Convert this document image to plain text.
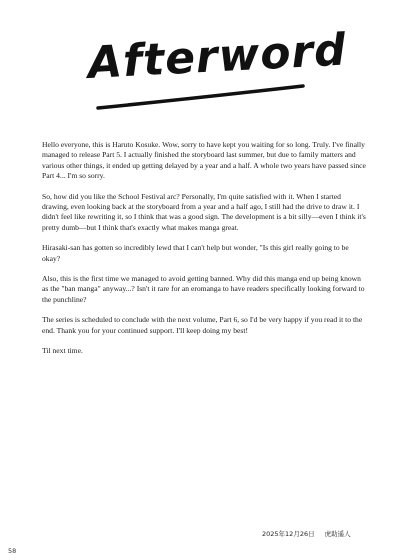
Afterword

Hello everyone, this is Haruto Kosuke. Wow, sorry to have kept you waiting for so long. Truly. I've finally managed to release Part 5. I actually finished the storyboard last summer, but due to family matters and various other things, it ended up getting delayed by a year and a half. A whole two years have passed since Part 4... I'm so sorry.

So, how did you like the School Festival arc? Personally, I'm quite satisfied with it. When I started drawing, even looking back at the storyboard from a year and a half ago, I still had the drive to draw it. I didn't feel like rewriting it, so I think that was a good sign. The development is a bit silly—even I think it's pretty dumb—but I think that's exactly what makes manga great.

Hirasaki-san has gotten so incredibly lewd that I can't help but wonder, "Is this girl really going to be okay?

Also, this is the first time we managed to avoid getting banned. Why did this manga end up being known as the "ban manga" anyway...? Isn't it rare for an eromanga to have readers specifically looking forward to the punchline?

The series is scheduled to conclude with the next volume, Part 6, so I'd be very happy if you read it to the end. Thank you for your continued support. I'll keep doing my best!

Til next time.

2025年12月26日 虎助遥人
58
